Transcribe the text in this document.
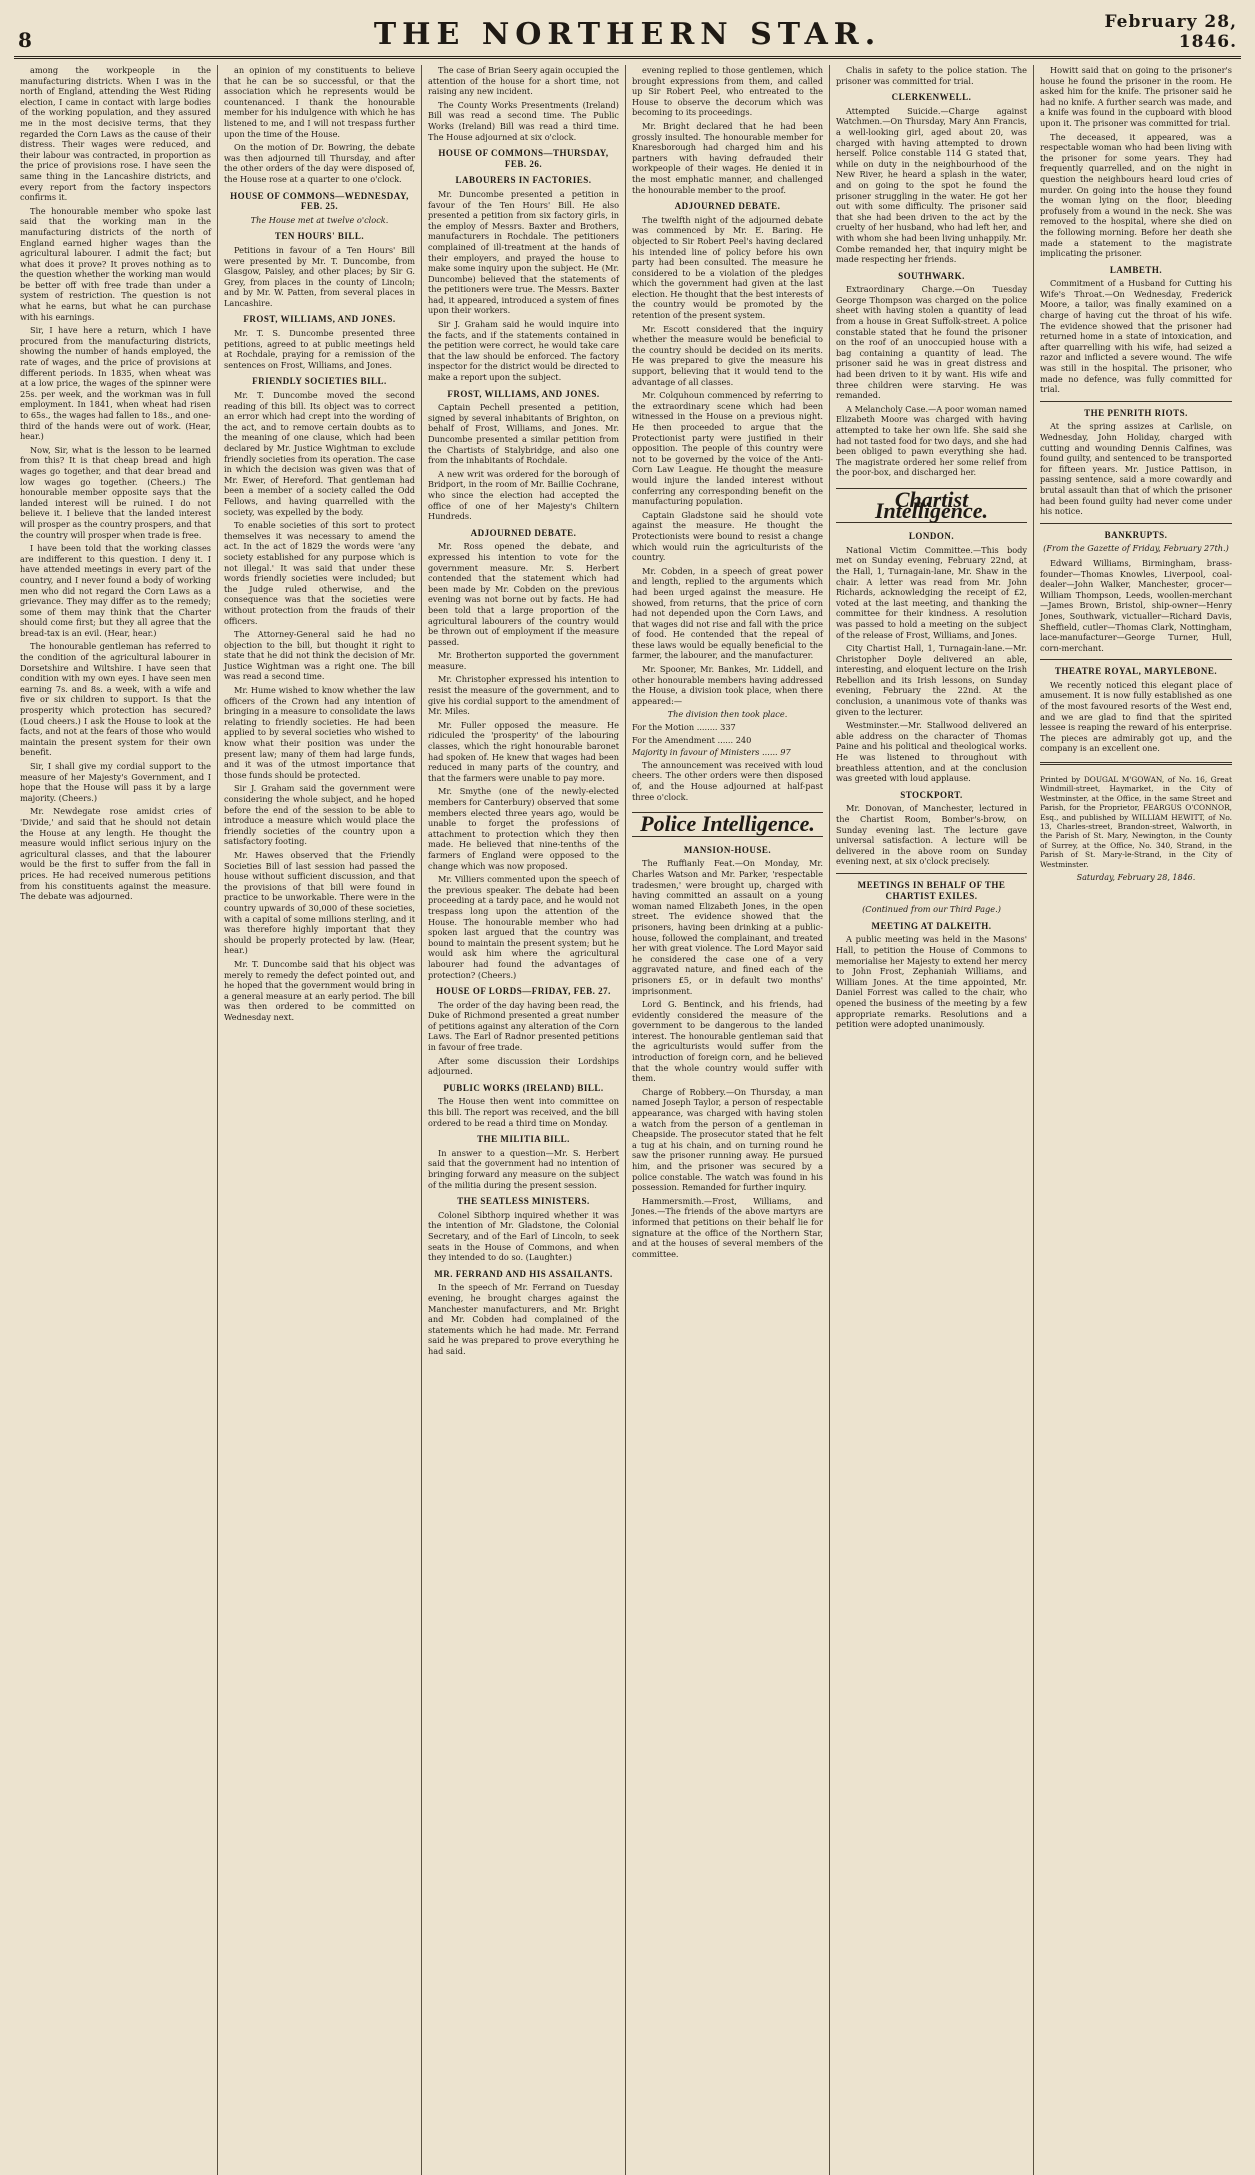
8	THE NORTHERN STAR.	February 28, 1846.

among the workpeople in the manufacturing districts. When I was in the north of England, attending the West Riding election, I came in contact with large bodies of the working population, and they assured me in the most decisive terms, that they regarded the Corn Laws as the cause of their distress. Their wages were reduced, and their labour was contracted, in proportion as the price of provisions rose. I have seen the same thing in the Lancashire districts, and every report from the factory inspectors confirms it.

The honourable member who spoke last said that the working man in the manufacturing districts of the north of England earned higher wages than the agricultural labourer. I admit the fact; but what does it prove? It proves nothing as to the question whether the working man would be better off with free trade than under a system of restriction. The question is not what he earns, but what he can purchase with his earnings.

Sir, I have here a return, which I have procured from the manufacturing districts, showing the number of hands employed, the rate of wages, and the price of provisions at different periods. In 1835, when wheat was at a low price, the wages of the spinner were 25s. per week, and the workman was in full employment. In 1841, when wheat had risen to 65s., the wages had fallen to 18s., and one-third of the hands were out of work. (Hear, hear.)

Now, Sir, what is the lesson to be learned from this? It is that cheap bread and high wages go together, and that dear bread and low wages go together. (Cheers.) The honourable member opposite says that the landed interest will be ruined. I do not believe it. I believe that the landed interest will prosper as the country prospers, and that the country will prosper when trade is free.

I have been told that the working classes are indifferent to this question. I deny it. I have attended meetings in every part of the country, and I never found a body of working men who did not regard the Corn Laws as a grievance. They may differ as to the remedy; some of them may think that the Charter should come first; but they all agree that the bread-tax is an evil. (Hear, hear.)

The honourable gentleman has referred to the condition of the agricultural labourer in Dorsetshire and Wiltshire. I have seen that condition with my own eyes. I have seen men earning 7s. and 8s. a week, with a wife and five or six children to support. Is that the prosperity which protection has secured? (Loud cheers.) I ask the House to look at the facts, and not at the fears of those who would maintain the present system for their own benefit.

Sir, I shall give my cordial support to the measure of her Majesty's Government, and I hope that the House will pass it by a large majority. (Cheers.)

Mr. Newdegate rose amidst cries of 'Divide,' and said that he should not detain the House at any length. He thought the measure would inflict serious injury on the agricultural classes, and that the labourer would be the first to suffer from the fall in prices. He had received numerous petitions from his constituents against the measure. The debate was adjourned.

an opinion of my constituents to believe that he can be so successful, or that the association which he represents would be countenanced. I thank the honourable member for his indulgence with which he has listened to me, and I will not trespass further upon the time of the House.

On the motion of Dr. Bowring, the debate was then adjourned till Thursday, and after the other orders of the day were disposed of, the House rose at a quarter to one o'clock.

HOUSE OF COMMONS—WEDNESDAY, FEB. 25.
The House met at twelve o'clock.
TEN HOURS' BILL.

Petitions in favour of a Ten Hours' Bill were presented by Mr. T. Duncombe, from Glasgow, Paisley, and other places; by Sir G. Grey, from places in the county of Lincoln; and by Mr. W. Patten, from several places in Lancashire.

FROST, WILLIAMS, AND JONES.

Mr. T. S. Duncombe presented three petitions, agreed to at public meetings held at Rochdale, praying for a remission of the sentences on Frost, Williams, and Jones.

FRIENDLY SOCIETIES BILL.

Mr. T. Duncombe moved the second reading of this bill. Its object was to correct an error which had crept into the wording of the act, and to remove certain doubts as to the meaning of one clause, which had been declared by Mr. Justice Wightman to exclude friendly societies from its operation. The case in which the decision was given was that of Mr. Ewer, of Hereford. That gentleman had been a member of a society called the Odd Fellows, and having quarrelled with the society, was expelled by the body.

To enable societies of this sort to protect themselves it was necessary to amend the act. In the act of 1829 the words were 'any society established for any purpose which is not illegal.' It was said that under these words friendly societies were included; but the Judge ruled otherwise, and the consequence was that the societies were without protection from the frauds of their officers.

The Attorney-General said he had no objection to the bill, but thought it right to state that he did not think the decision of Mr. Justice Wightman was a right one. The bill was read a second time.

Mr. Hume wished to know whether the law officers of the Crown had any intention of bringing in a measure to consolidate the laws relating to friendly societies. He had been applied to by several societies who wished to know what their position was under the present law; many of them had large funds, and it was of the utmost importance that those funds should be protected.

Sir J. Graham said the government were considering the whole subject, and he hoped before the end of the session to be able to introduce a measure which would place the friendly societies of the country upon a satisfactory footing.

Mr. Hawes observed that the Friendly Societies Bill of last session had passed the house without sufficient discussion, and that the provisions of that bill were found in practice to be unworkable. There were in the country upwards of 30,000 of these societies, with a capital of some millions sterling, and it was therefore highly important that they should be properly protected by law. (Hear, hear.)

Mr. T. Duncombe said that his object was merely to remedy the defect pointed out, and he hoped that the government would bring in a general measure at an early period. The bill was then ordered to be committed on Wednesday next.

The case of Brian Seery again occupied the attention of the house for a short time, not raising any new incident.

The County Works Presentments (Ireland) Bill was read a second time. The Public Works (Ireland) Bill was read a third time. The House adjourned at six o'clock.

HOUSE OF COMMONS—THURSDAY, FEB. 26.
LABOURERS IN FACTORIES.

Mr. Duncombe presented a petition in favour of the Ten Hours' Bill. He also presented a petition from six factory girls, in the employ of Messrs. Baxter and Brothers, manufacturers in Rochdale. The petitioners complained of ill-treatment at the hands of their employers, and prayed the house to make some inquiry upon the subject. He (Mr. Duncombe) believed that the statements of the petitioners were true. The Messrs. Baxter had, it appeared, introduced a system of fines upon their workers.

Sir J. Graham said he would inquire into the facts, and if the statements contained in the petition were correct, he would take care that the law should be enforced. The factory inspector for the district would be directed to make a report upon the subject.

FROST, WILLIAMS, AND JONES.

Captain Pechell presented a petition, signed by several inhabitants of Brighton, on behalf of Frost, Williams, and Jones. Mr. Duncombe presented a similar petition from the Chartists of Stalybridge, and also one from the inhabitants of Rochdale.

A new writ was ordered for the borough of Bridport, in the room of Mr. Baillie Cochrane, who since the election had accepted the office of one of her Majesty's Chiltern Hundreds.

ADJOURNED DEBATE.

Mr. Ross opened the debate, and expressed his intention to vote for the government measure. Mr. S. Herbert contended that the statement which had been made by Mr. Cobden on the previous evening was not borne out by facts. He had been told that a large proportion of the agricultural labourers of the country would be thrown out of employment if the measure passed.

Mr. Brotherton supported the government measure.

Mr. Christopher expressed his intention to resist the measure of the government, and to give his cordial support to the amendment of Mr. Miles.

Mr. Fuller opposed the measure. He ridiculed the 'prosperity' of the labouring classes, which the right honourable baronet had spoken of. He knew that wages had been reduced in many parts of the country, and that the farmers were unable to pay more.

Mr. Smythe (one of the newly-elected members for Canterbury) observed that some members elected three years ago, would be unable to forget the professions of attachment to protection which they then made. He believed that nine-tenths of the farmers of England were opposed to the change which was now proposed.

Mr. Villiers commented upon the speech of the previous speaker. The debate had been proceeding at a tardy pace, and he would not trespass long upon the attention of the House. The honourable member who had spoken last argued that the country was bound to maintain the present system; but he would ask him where the agricultural labourer had found the advantages of protection? (Cheers.)

HOUSE OF LORDS—FRIDAY, FEB. 27.

The order of the day having been read, the Duke of Richmond presented a great number of petitions against any alteration of the Corn Laws. The Earl of Radnor presented petitions in favour of free trade.

After some discussion their Lordships adjourned.

PUBLIC WORKS (IRELAND) BILL.

The House then went into committee on this bill. The report was received, and the bill ordered to be read a third time on Monday.

THE MILITIA BILL.

In answer to a question—Mr. S. Herbert said that the government had no intention of bringing forward any measure on the subject of the militia during the present session.

THE SEATLESS MINISTERS.

Colonel Sibthorp inquired whether it was the intention of Mr. Gladstone, the Colonial Secretary, and of the Earl of Lincoln, to seek seats in the House of Commons, and when they intended to do so. (Laughter.)

MR. FERRAND AND HIS ASSAILANTS.

In the speech of Mr. Ferrand on Tuesday evening, he brought charges against the Manchester manufacturers, and Mr. Bright and Mr. Cobden had complained of the statements which he had made. Mr. Ferrand said he was prepared to prove everything he had said.

evening replied to those gentlemen, which brought expressions from them, and called up Sir Robert Peel, who entreated to the House to observe the decorum which was becoming to its proceedings.

Mr. Bright declared that he had been grossly insulted. The honourable member for Knaresborough had charged him and his partners with having defrauded their workpeople of their wages. He denied it in the most emphatic manner, and challenged the honourable member to the proof.

ADJOURNED DEBATE.

The twelfth night of the adjourned debate was commenced by Mr. E. Baring. He objected to Sir Robert Peel's having declared his intended line of policy before his own party had been consulted. The measure he considered to be a violation of the pledges which the government had given at the last election. He thought that the best interests of the country would be promoted by the retention of the present system.

Mr. Escott considered that the inquiry whether the measure would be beneficial to the country should be decided on its merits. He was prepared to give the measure his support, believing that it would tend to the advantage of all classes.

Mr. Colquhoun commenced by referring to the extraordinary scene which had been witnessed in the House on a previous night. He then proceeded to argue that the Protectionist party were justified in their opposition. The people of this country were not to be governed by the voice of the Anti-Corn Law League. He thought the measure would injure the landed interest without conferring any corresponding benefit on the manufacturing population.

Captain Gladstone said he should vote against the measure. He thought the Protectionists were bound to resist a change which would ruin the agriculturists of the country.

Mr. Cobden, in a speech of great power and length, replied to the arguments which had been urged against the measure. He showed, from returns, that the price of corn had not depended upon the Corn Laws, and that wages did not rise and fall with the price of food. He contended that the repeal of these laws would be equally beneficial to the farmer, the labourer, and the manufacturer.

Mr. Spooner, Mr. Bankes, Mr. Liddell, and other honourable members having addressed the House, a division took place, when there appeared:—

The division then took place.

For the Motion ........ 337

For the Amendment ...... 240

Majority in favour of Ministers ...... 97

The announcement was received with loud cheers. The other orders were then disposed of, and the House adjourned at half-past three o'clock.

Police Intelligence.
MANSION-HOUSE.

The Ruffianly Feat.—On Monday, Mr. Charles Watson and Mr. Parker, 'respectable tradesmen,' were brought up, charged with having committed an assault on a young woman named Elizabeth Jones, in the open street. The evidence showed that the prisoners, having been drinking at a public-house, followed the complainant, and treated her with great violence. The Lord Mayor said he considered the case one of a very aggravated nature, and fined each of the prisoners £5, or in default two months' imprisonment.

Lord G. Bentinck, and his friends, had evidently considered the measure of the government to be dangerous to the landed interest. The honourable gentleman said that the agriculturists would suffer from the introduction of foreign corn, and he believed that the whole country would suffer with them.

Charge of Robbery.—On Thursday, a man named Joseph Taylor, a person of respectable appearance, was charged with having stolen a watch from the person of a gentleman in Cheapside. The prosecutor stated that he felt a tug at his chain, and on turning round he saw the prisoner running away. He pursued him, and the prisoner was secured by a police constable. The watch was found in his possession. Remanded for further inquiry.

Hammersmith.—Frost, Williams, and Jones.—The friends of the above martyrs are informed that petitions on their behalf lie for signature at the office of the Northern Star, and at the houses of several members of the committee.

Chalis in safety to the police station. The prisoner was committed for trial.

CLERKENWELL.

Attempted Suicide.—Charge against Watchmen.—On Thursday, Mary Ann Francis, a well-looking girl, aged about 20, was charged with having attempted to drown herself. Police constable 114 G stated that, while on duty in the neighbourhood of the New River, he heard a splash in the water, and on going to the spot he found the prisoner struggling in the water. He got her out with some difficulty. The prisoner said that she had been driven to the act by the cruelty of her husband, who had left her, and with whom she had been living unhappily. Mr. Combe remanded her, that inquiry might be made respecting her friends.

SOUTHWARK.

Extraordinary Charge.—On Tuesday George Thompson was charged on the police sheet with having stolen a quantity of lead from a house in Great Suffolk-street. A police constable stated that he found the prisoner on the roof of an unoccupied house with a bag containing a quantity of lead. The prisoner said he was in great distress and had been driven to it by want. His wife and three children were starving. He was remanded.

A Melancholy Case.—A poor woman named Elizabeth Moore was charged with having attempted to take her own life. She said she had not tasted food for two days, and she had been obliged to pawn everything she had. The magistrate ordered her some relief from the poor-box, and discharged her.

Chartist Intelligence.
LONDON.

National Victim Committee.—This body met on Sunday evening, February 22nd, at the Hall, 1, Turnagain-lane, Mr. Shaw in the chair. A letter was read from Mr. John Richards, acknowledging the receipt of £2, voted at the last meeting, and thanking the committee for their kindness. A resolution was passed to hold a meeting on the subject of the release of Frost, Williams, and Jones.

City Chartist Hall, 1, Turnagain-lane.—Mr. Christopher Doyle delivered an able, interesting, and eloquent lecture on the Irish Rebellion and its Irish lessons, on Sunday evening, February the 22nd. At the conclusion, a unanimous vote of thanks was given to the lecturer.

Westminster.—Mr. Stallwood delivered an able address on the character of Thomas Paine and his political and theological works. He was listened to throughout with breathless attention, and at the conclusion was greeted with loud applause.

STOCKPORT.

Mr. Donovan, of Manchester, lectured in the Chartist Room, Bomber's-brow, on Sunday evening last. The lecture gave universal satisfaction. A lecture will be delivered in the above room on Sunday evening next, at six o'clock precisely.

MEETINGS IN BEHALF OF THE CHARTIST EXILES.
(Continued from our Third Page.)
MEETING AT DALKEITH.

A public meeting was held in the Masons' Hall, to petition the House of Commons to memorialise her Majesty to extend her mercy to John Frost, Zephaniah Williams, and William Jones. At the time appointed, Mr. Daniel Forrest was called to the chair, who opened the business of the meeting by a few appropriate remarks. Resolutions and a petition were adopted unanimously.

Howitt said that on going to the prisoner's house he found the prisoner in the room. He asked him for the knife. The prisoner said he had no knife. A further search was made, and a knife was found in the cupboard with blood upon it. The prisoner was committed for trial.

The deceased, it appeared, was a respectable woman who had been living with the prisoner for some years. They had frequently quarrelled, and on the night in question the neighbours heard loud cries of murder. On going into the house they found the woman lying on the floor, bleeding profusely from a wound in the neck. She was removed to the hospital, where she died on the following morning. Before her death she made a statement to the magistrate implicating the prisoner.

LAMBETH.

Commitment of a Husband for Cutting his Wife's Throat.—On Wednesday, Frederick Moore, a tailor, was finally examined on a charge of having cut the throat of his wife. The evidence showed that the prisoner had returned home in a state of intoxication, and after quarrelling with his wife, had seized a razor and inflicted a severe wound. The wife was still in the hospital. The prisoner, who made no defence, was fully committed for trial.

THE PENRITH RIOTS.

At the spring assizes at Carlisle, on Wednesday, John Holiday, charged with cutting and wounding Dennis Calfines, was found guilty, and sentenced to be transported for fifteen years. Mr. Justice Pattison, in passing sentence, said a more cowardly and brutal assault than that of which the prisoner had been found guilty had never come under his notice.

BANKRUPTS.
(From the Gazette of Friday, February 27th.)

Edward Williams, Birmingham, brass-founder—Thomas Knowles, Liverpool, coal-dealer—John Walker, Manchester, grocer—William Thompson, Leeds, woollen-merchant—James Brown, Bristol, ship-owner—Henry Jones, Southwark, victualler—Richard Davis, Sheffield, cutler—Thomas Clark, Nottingham, lace-manufacturer—George Turner, Hull, corn-merchant.

THEATRE ROYAL, MARYLEBONE.

We recently noticed this elegant place of amusement. It is now fully established as one of the most favoured resorts of the West end, and we are glad to find that the spirited lessee is reaping the reward of his enterprise. The pieces are admirably got up, and the company is an excellent one.

Printed by DOUGAL M'GOWAN, of No. 16, Great Windmill-street, Haymarket, in the City of Westminster, at the Office, in the same Street and Parish, for the Proprietor, FEARGUS O'CONNOR, Esq., and published by WILLIAM HEWITT, of No. 13, Charles-street, Brandon-street, Walworth, in the Parish of St. Mary, Newington, in the County of Surrey, at the Office, No. 340, Strand, in the Parish of St. Mary-le-Strand, in the City of Westminster.
Saturday, February 28, 1846.
